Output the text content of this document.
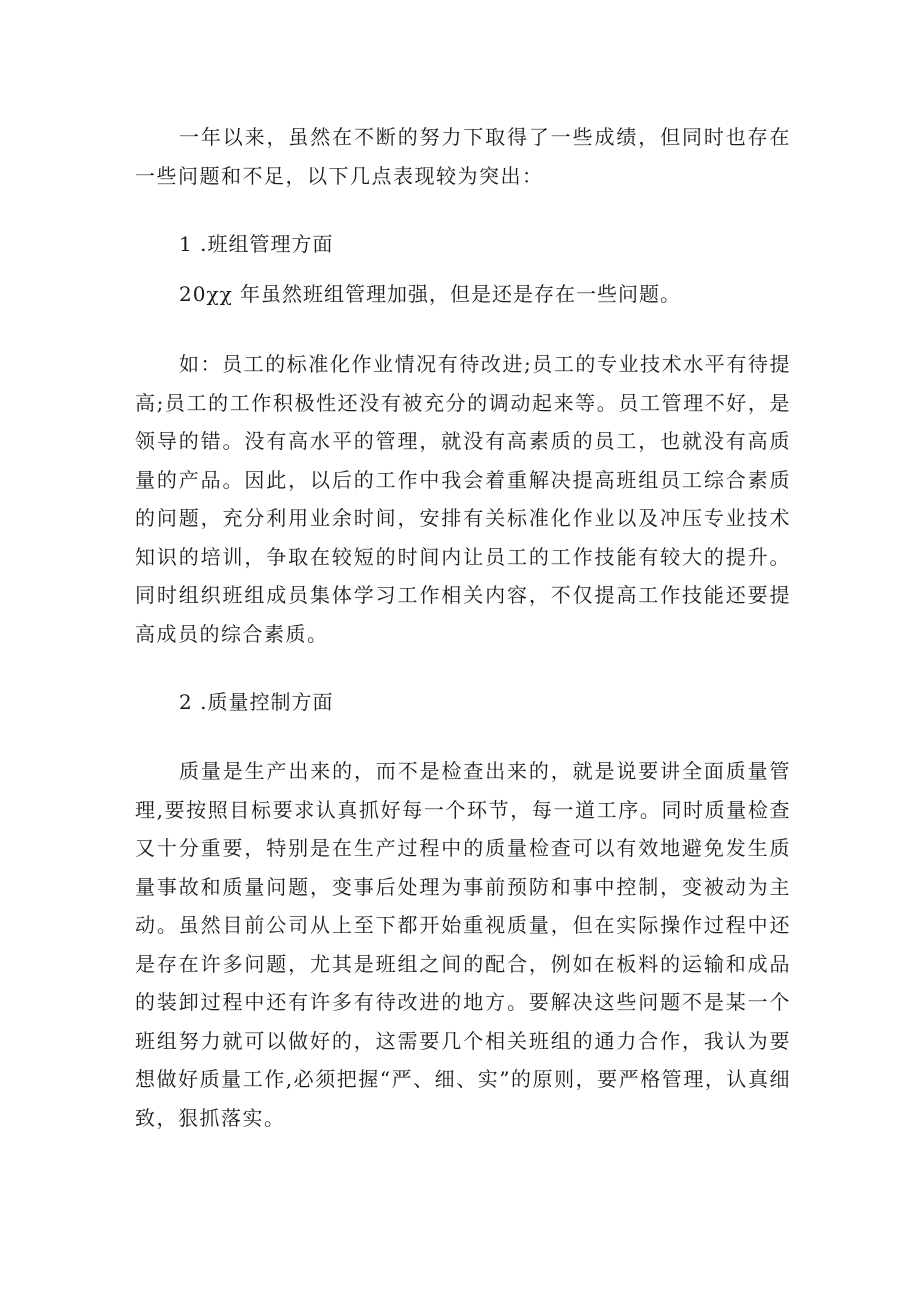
一年以来，虽然在不断的努力下取得了一些成绩，但同时也存在一些问题和不足，以下几点表现较为突出：

1 .班组管理方面

20χχ 年虽然班组管理加强，但是还是存在一些问题。

如：员工的标准化作业情况有待改进;员工的专业技术水平有待提高;员工的工作积极性还没有被充分的调动起来等。员工管理不好，是领导的错。没有高水平的管理，就没有高素质的员工，也就没有高质量的产品。因此，以后的工作中我会着重解决提高班组员工综合素质的问题，充分利用业余时间，安排有关标准化作业以及冲压专业技术知识的培训，争取在较短的时间内让员工的工作技能有较大的提升。同时组织班组成员集体学习工作相关内容，不仅提高工作技能还要提高成员的综合素质。

2 .质量控制方面

质量是生产出来的，而不是检查出来的，就是说要讲全面质量管理,要按照目标要求认真抓好每一个环节，每一道工序。同时质量检查又十分重要，特别是在生产过程中的质量检查可以有效地避免发生质量事故和质量问题，变事后处理为事前预防和事中控制，变被动为主动。虽然目前公司从上至下都开始重视质量，但在实际操作过程中还是存在许多问题，尤其是班组之间的配合，例如在板料的运输和成品的装卸过程中还有许多有待改进的地方。要解决这些问题不是某一个班组努力就可以做好的，这需要几个相关班组的通力合作，我认为要想做好质量工作,必须把握“严、细、实”的原则，要严格管理，认真细致，狠抓落实。
